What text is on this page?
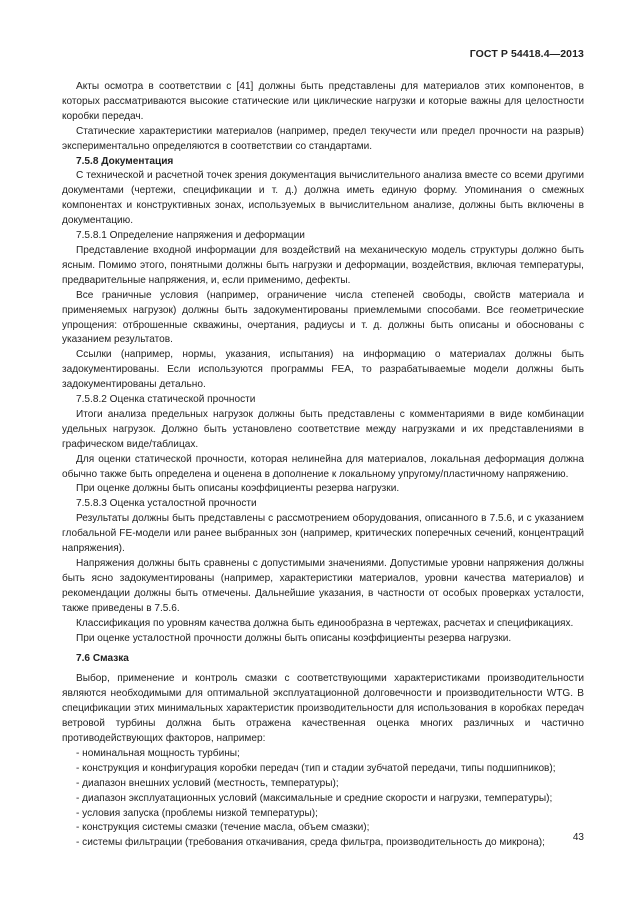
ГОСТ Р 54418.4—2013

Акты осмотра в соответствии с [41] должны быть представлены для материалов этих компонентов, в которых рассматриваются высокие статические или циклические нагрузки и которые важны для целостности коробки передач.

Статические характеристики материалов (например, предел текучести или предел прочности на разрыв) экспериментально определяются в соответствии со стандартами.

7.5.8 Документация

С технической и расчетной точек зрения документация вычислительного анализа вместе со всеми другими документами (чертежи, спецификации и т. д.) должна иметь единую форму. Упоминания о смежных компонентах и конструктивных зонах, используемых в вычислительном анализе, должны быть включены в документацию.

7.5.8.1 Определение напряжения и деформации

Представление входной информации для воздействий на механическую модель структуры должно быть ясным. Помимо этого, понятными должны быть нагрузки и деформации, воздействия, включая температуры, предварительные напряжения, и, если применимо, дефекты.

Все граничные условия (например, ограничение числа степеней свободы, свойств материала и применяемых нагрузок) должны быть задокументированы приемлемыми способами. Все геометрические упрощения: отброшенные скважины, очертания, радиусы и т. д. должны быть описаны и обоснованы с указанием результатов.

Ссылки (например, нормы, указания, испытания) на информацию о материалах должны быть задокументированы. Если используются программы FEA, то разрабатываемые модели должны быть задокументированы детально.

7.5.8.2 Оценка статической прочности

Итоги анализа предельных нагрузок должны быть представлены с комментариями в виде комбинации удельных нагрузок. Должно быть установлено соответствие между нагрузками и их представлениями в графическом виде/таблицах.

Для оценки статической прочности, которая нелинейна для материалов, локальная деформация должна обычно также быть определена и оценена в дополнение к локальному упругому/пластичному напряжению.

При оценке должны быть описаны коэффициенты резерва нагрузки.

7.5.8.3 Оценка усталостной прочности

Результаты должны быть представлены с рассмотрением оборудования, описанного в 7.5.6, и с указанием глобальной FE-модели или ранее выбранных зон (например, критических поперечных сечений, концентраций напряжения).

Напряжения должны быть сравнены с допустимыми значениями. Допустимые уровни напряжения должны быть ясно задокументированы (например, характеристики материалов, уровни качества материалов) и рекомендации должны быть отмечены. Дальнейшие указания, в частности от особых проверках усталости, также приведены в 7.5.6.

Классификация по уровням качества должна быть единообразна в чертежах, расчетах и спецификациях.

При оценке усталостной прочности должны быть описаны коэффициенты резерва нагрузки.

7.6 Смазка

Выбор, применение и контроль смазки с соответствующими характеристиками производительности являются необходимыми для оптимальной эксплуатационной долговечности и производительности WTG. В спецификации этих минимальных характеристик производительности для использования в коробках передач ветровой турбины должна быть отражена качественная оценка многих различных и частично противодействующих факторов, например:

- номинальная мощность турбины;

- конструкция и конфигурация коробки передач (тип и стадии зубчатой передачи, типы подшипников);

- диапазон внешних условий (местность, температуры);

- диапазон эксплуатационных условий (максимальные и средние скорости и нагрузки, температуры);

- условия запуска (проблемы низкой температуры);

- конструкция системы смазки (течение масла, объем смазки);

- системы фильтрации (требования откачивания, среда фильтра, производительность до микрона);	43
